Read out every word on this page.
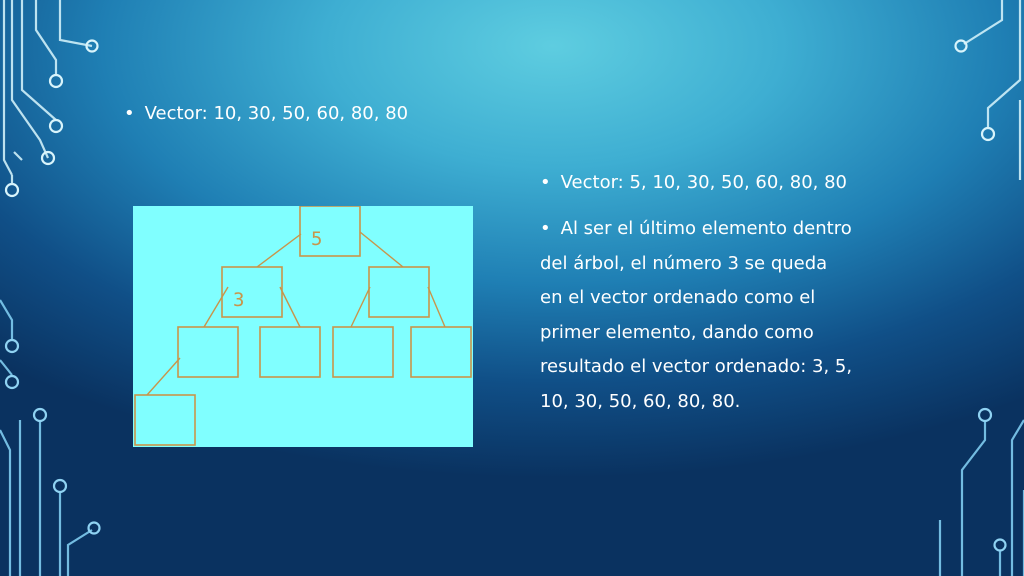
• Vector: 10, 30, 50, 60, 80, 80
• Vector: 5, 10, 30, 50, 60, 80, 80
• Al ser el último elemento dentro
del árbol, el número 3 se queda
en el vector ordenado como el
primer elemento, dando como
resultado el vector ordenado: 3, 5,
10, 30, 50, 60, 80, 80.
5
3
